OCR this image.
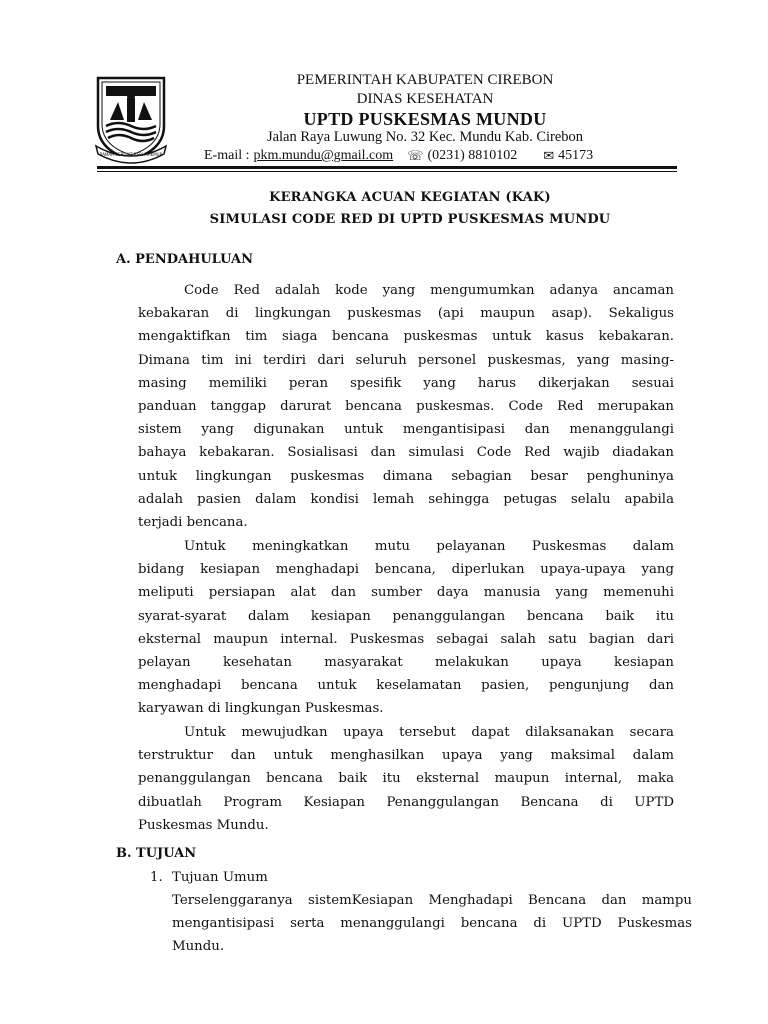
RAMAH BERGIAT BERI MAKMUR
PEMERINTAH KABUPATEN CIREBON
DINAS KESEHATAN
UPTD PUSKESMAS MUNDU
Jalan Raya Luwung No. 32 Kec. Mundu Kab. Cirebon
E-mail : pkm.mundu@gmail.com ☏ (0231) 8810102 ✉ 45173
KERANGKA ACUAN KEGIATAN (KAK)
SIMULASI CODE RED DI UPTD PUSKESMAS MUNDU
A. PENDAHULUAN
Code Red adalah kode yang mengumumkan adanya ancaman
kebakaran di lingkungan puskesmas (api maupun asap). Sekaligus
mengaktifkan tim siaga bencana puskesmas untuk kasus kebakaran.
Dimana tim ini terdiri dari seluruh personel puskesmas, yang masing-
masing memiliki peran spesifik yang harus dikerjakan sesuai
panduan tanggap darurat bencana puskesmas. Code Red merupakan
sistem yang digunakan untuk mengantisipasi dan menanggulangi
bahaya kebakaran. Sosialisasi dan simulasi Code Red wajib diadakan
untuk lingkungan puskesmas dimana sebagian besar penghuninya
adalah pasien dalam kondisi lemah sehingga petugas selalu apabila
terjadi bencana.
Untuk meningkatkan mutu pelayanan Puskesmas dalam
bidang kesiapan menghadapi bencana, diperlukan upaya-upaya yang
meliputi persiapan alat dan sumber daya manusia yang memenuhi
syarat-syarat dalam kesiapan penanggulangan bencana baik itu
eksternal maupun internal. Puskesmas sebagai salah satu bagian dari
pelayan kesehatan masyarakat melakukan upaya kesiapan
menghadapi bencana untuk keselamatan pasien, pengunjung dan
karyawan di lingkungan Puskesmas.
Untuk mewujudkan upaya tersebut dapat dilaksanakan secara
terstruktur dan untuk menghasilkan upaya yang maksimal dalam
penanggulangan bencana baik itu eksternal maupun internal, maka
dibuatlah Program Kesiapan Penanggulangan Bencana di UPTD
Puskesmas Mundu.
B. TUJUAN
1. Tujuan Umum
Terselenggaranya sistemKesiapan Menghadapi Bencana dan mampu
mengantisipasi serta menanggulangi bencana di UPTD Puskesmas
Mundu.
